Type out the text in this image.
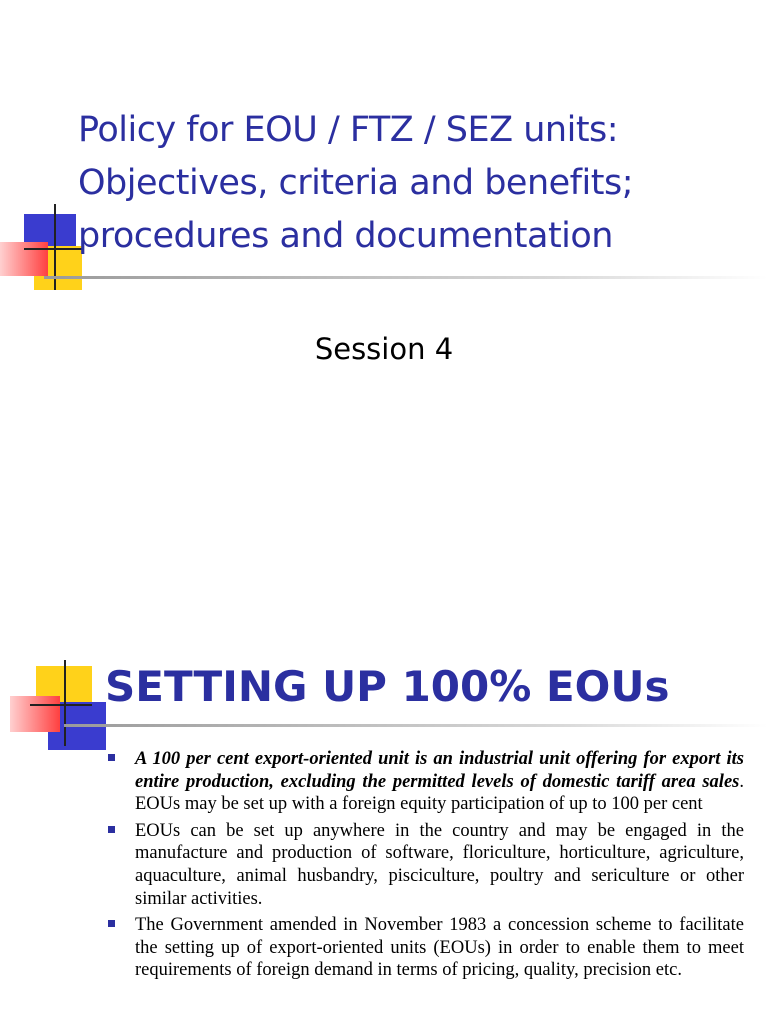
Policy for EOU / FTZ / SEZ units:
Objectives, criteria and benefits;
procedures and documentation

Session 4

SETTING UP 100% EOUs
A 100 per cent export-oriented unit is an industrial unit offering for export its entire production, excluding the permitted levels of domestic tariff area sales. EOUs may be set up with a foreign equity participation of up to 100 per cent
EOUs can be set up anywhere in the country and may be engaged in the manufacture and production of software, floriculture, horticulture, agriculture, aquaculture, animal husbandry, pisciculture, poultry and sericulture or other similar activities.
The Government amended in November 1983 a concession scheme to facilitate the setting up of export-oriented units (EOUs) in order to enable them to meet requirements of foreign demand in terms of pricing, quality, precision etc.
